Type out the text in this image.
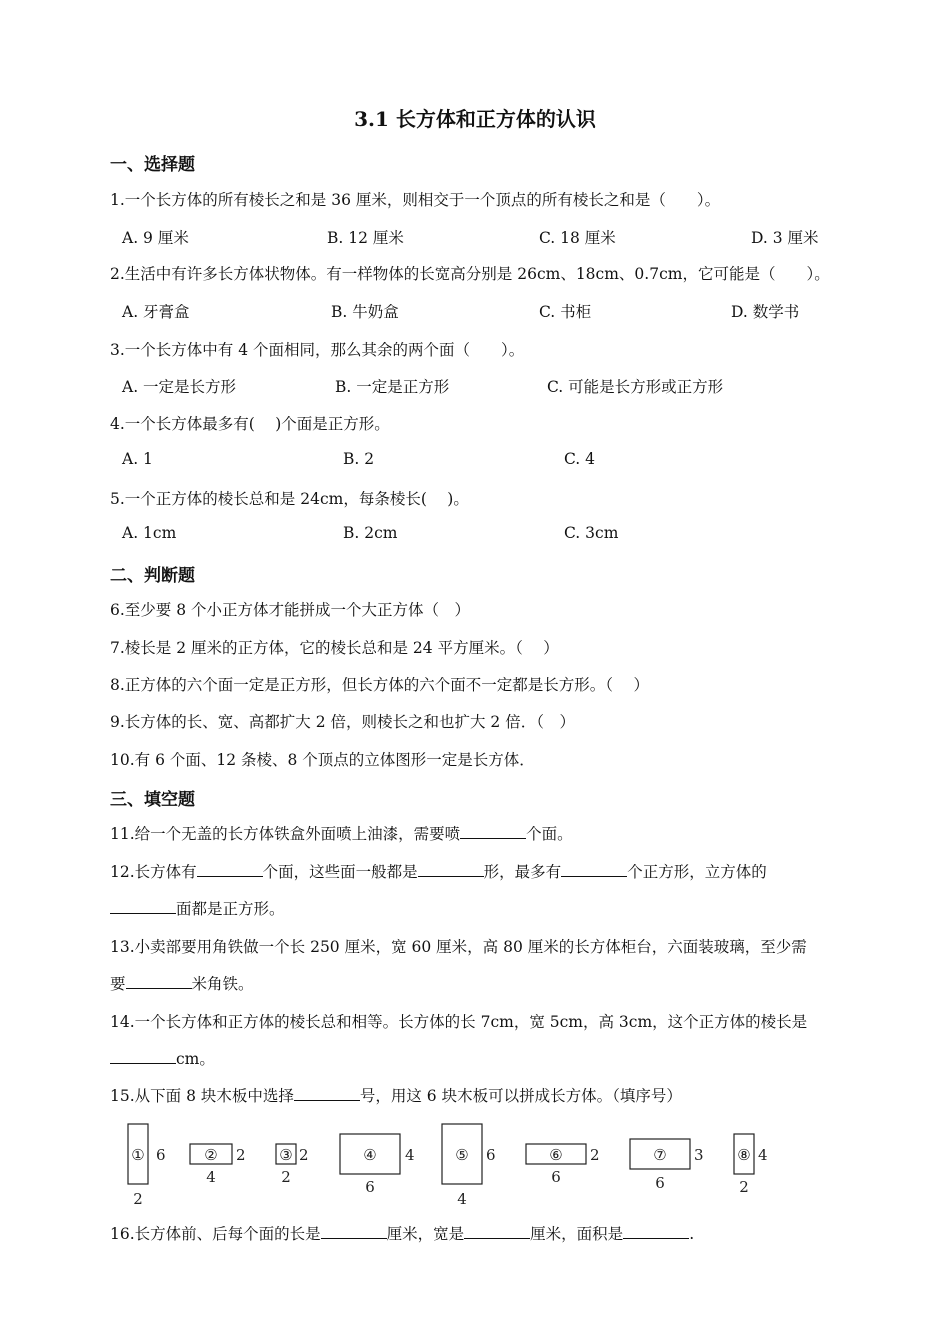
3.1 长方体和正方体的认识
一、选择题
1.一个长方体的所有棱长之和是 36 厘米，则相交于一个顶点的所有棱长之和是（　　）。
A. 9 厘米	B. 12 厘米	C. 18 厘米	D. 3 厘米
2.生活中有许多长方体状物体。有一样物体的长宽高分别是 26cm、18cm、0.7cm，它可能是（　　）。
A. 牙膏盒	B. 牛奶盒	C. 书柜	D. 数学书
3.一个长方体中有 4 个面相同，那么其余的两个面（　　）。
A. 一定是长方形	B. 一定是正方形	C. 可能是长方形或正方形
4.一个长方体最多有(　 )个面是正方形。
A. 1	B. 2	C. 4
5.一个正方体的棱长总和是 24cm，每条棱长(　 )。
A. 1cm	B. 2cm	C. 3cm
二、判断题
6.至少要 8 个小正方体才能拼成一个大正方体（　）
7.棱长是 2 厘米的正方体，它的棱长总和是 24 平方厘米。（　 ）
8.正方体的六个面一定是正方形，但长方体的六个面不一定都是长方形。（　 ）
9.长方体的长、宽、高都扩大 2 倍，则棱长之和也扩大 2 倍．（　）
10.有 6 个面、12 条棱、8 个顶点的立体图形一定是长方体．
三、填空题
11.给一个无盖的长方体铁盒外面喷上油漆，需要喷	个面。
12.长方体有	个面，这些面一般都是	形，最多有	个正方形，立方体的
面都是正方形。
13.小卖部要用角铁做一个长 250 厘米，宽 60 厘米，高 80 厘米的长方体柜台，六面装玻璃，至少需
要	米角铁。
14.一个长方体和正方体的棱长总和相等。长方体的长 7cm，宽 5cm，高 3cm，这个正方体的棱长是
cm。
15.从下面 8 块木板中选择	号，用这 6 块木板可以拼成长方体。（填序号）
① 6
2
② 2
4
③ 2
2
④ 4
6
⑤ 6
4
⑥ 2
6
⑦ 3
6
⑧ 4
2
16.长方体前、后每个面的长是	厘米，宽是	厘米，面积是	.
